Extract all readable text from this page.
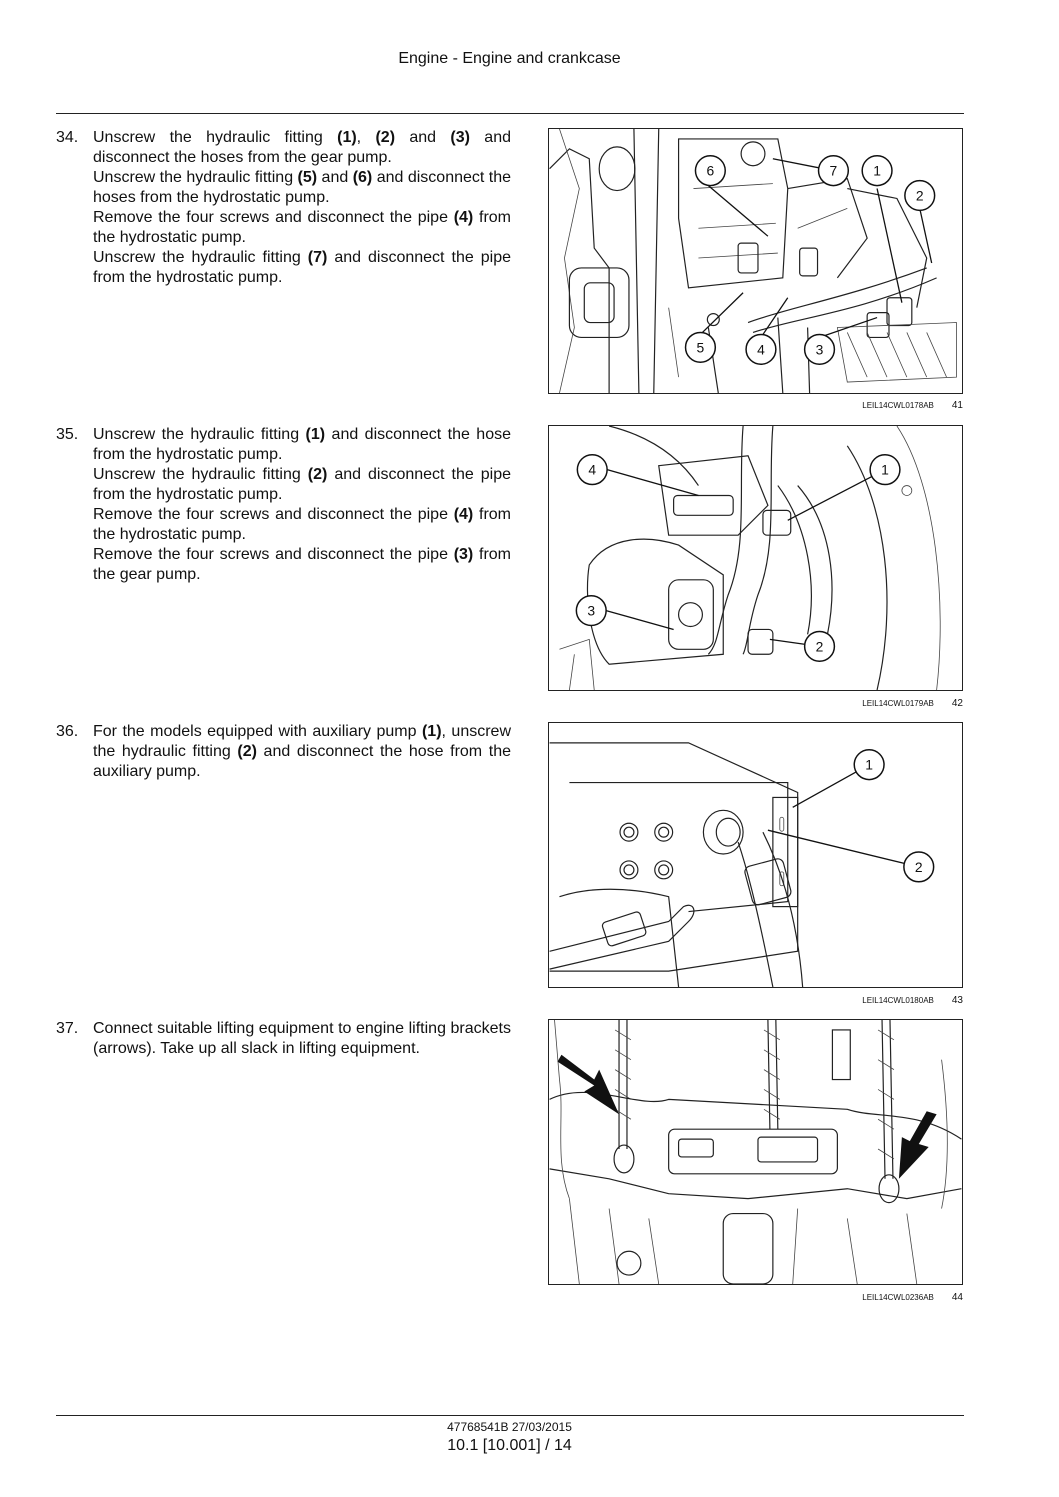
Engine - Engine and crankcase
34. Unscrew the hydraulic fitting (1), (2) and (3) and disconnect the hoses from the gear pump.

Unscrew the hydraulic fitting (5) and (6) and disconnect the hoses from the hydrostatic pump.

Remove the four screws and disconnect the pipe (4) from the hydrostatic pump.

Unscrew the hydraulic fitting (7) and disconnect the pipe from the hydrostatic pump.

6	7	1
2
5	4	3
LEIL14CWL0178AB 41
35. Unscrew the hydraulic fitting (1) and disconnect the hose from the hydrostatic pump.

Unscrew the hydraulic fitting (2) and disconnect the pipe from the hydrostatic pump.

Remove the four screws and disconnect the pipe (4) from the hydrostatic pump.

Remove the four screws and disconnect the pipe (3) from the gear pump.

4	1
3
2
LEIL14CWL0179AB 42
36. For the models equipped with auxiliary pump (1), unscrew the hydraulic fitting (2) and disconnect the hose from the auxiliary pump.	1
2
LEIL14CWL0180AB 43
37. Connect suitable lifting equipment to engine lifting brackets (arrows). Take up all slack in lifting equipment.

LEIL14CWL0236AB 44
47768541B 27/03/2015
10.1 [10.001] / 14
